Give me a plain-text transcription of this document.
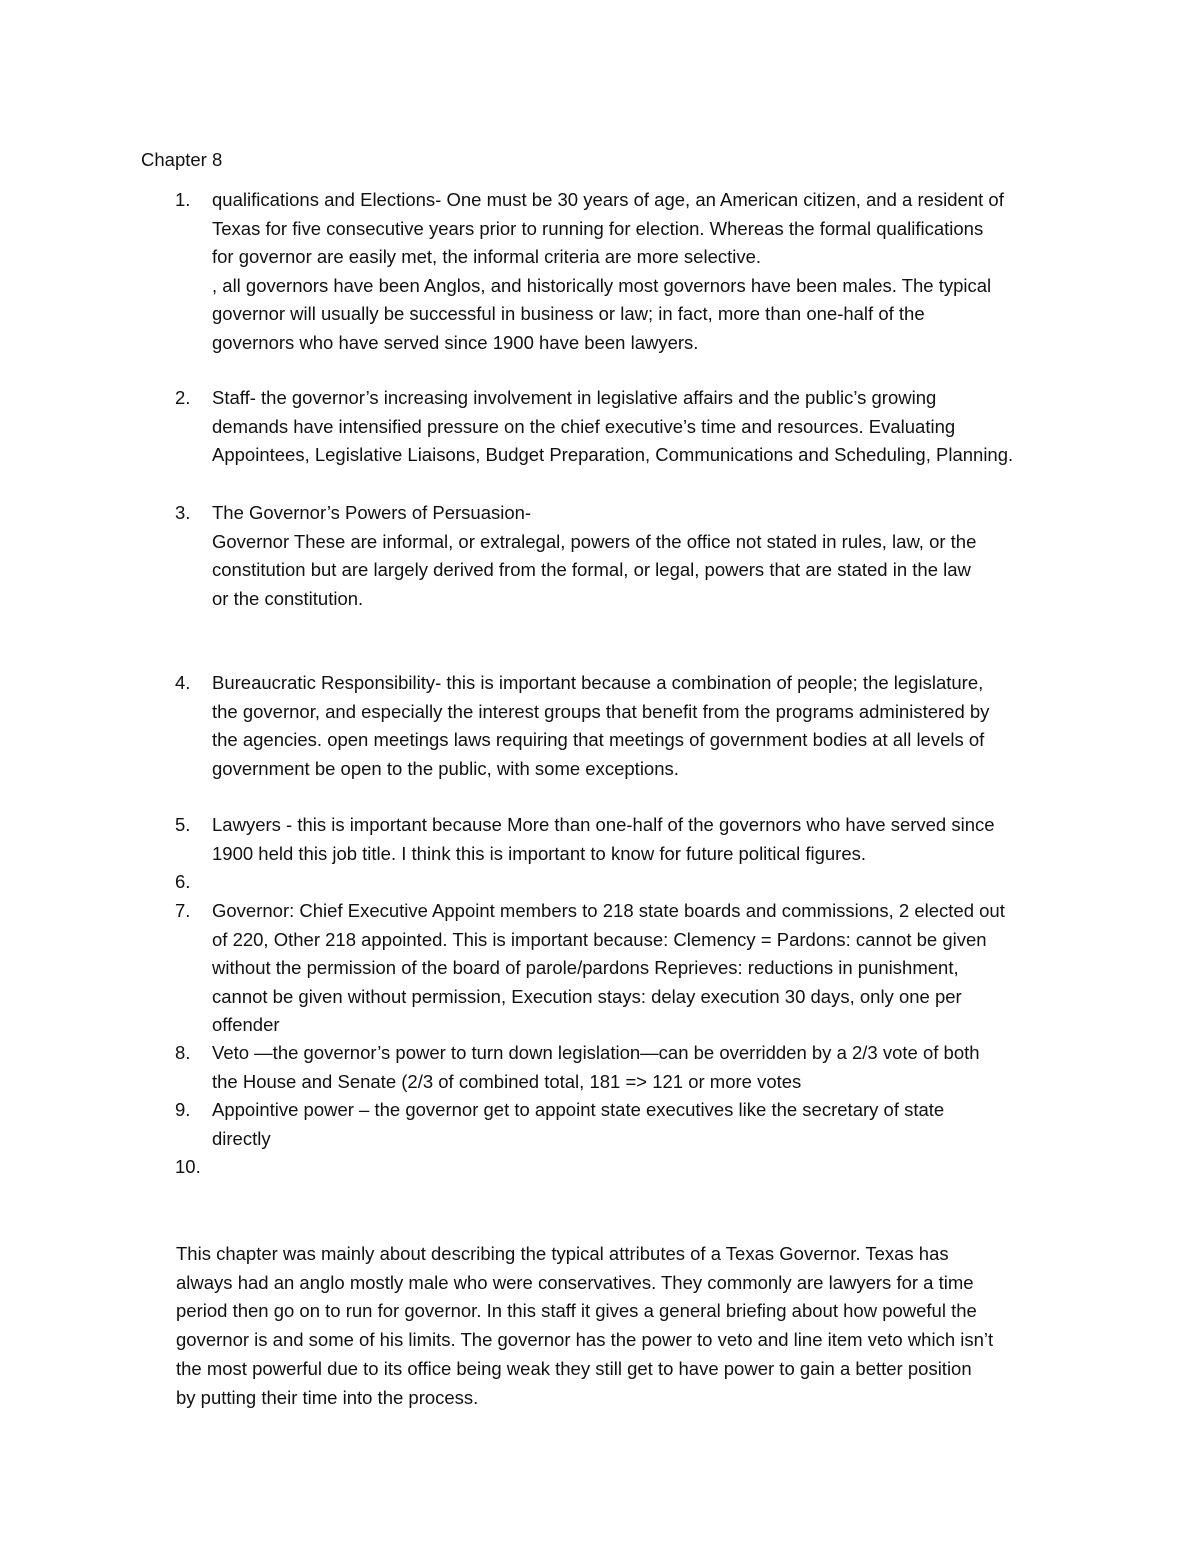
Chapter 8
1.	qualifications and Elections- One must be 30 years of age, an American citizen, and a resident of
Texas for five consecutive years prior to running for election. Whereas the formal qualifications
for governor are easily met, the informal criteria are more selective.
, all governors have been Anglos, and historically most governors have been males. The typical
governor will usually be successful in business or law; in fact, more than one-half of the
governors who have served since 1900 have been lawyers.
2.	Staff- the governor’s increasing involvement in legislative affairs and the public’s growing
demands have intensified pressure on the chief executive’s time and resources. Evaluating
Appointees, Legislative Liaisons, Budget Preparation, Communications and Scheduling, Planning.
3.	The Governor’s Powers of Persuasion-
Governor These are informal, or extralegal, powers of the office not stated in rules, law, or the
constitution but are largely derived from the formal, or legal, powers that are stated in the law
or the constitution.
4.	Bureaucratic Responsibility- this is important because a combination of people; the legislature,
the governor, and especially the interest groups that benefit from the programs administered by
the agencies. open meetings laws requiring that meetings of government bodies at all levels of
government be open to the public, with some exceptions.
5.	Lawyers - this is important because More than one-half of the governors who have served since
1900 held this job title. I think this is important to know for future political figures.
6.
7.	Governor: Chief Executive Appoint members to 218 state boards and commissions, 2 elected out
of 220, Other 218 appointed. This is important because: Clemency = Pardons: cannot be given
without the permission of the board of parole/pardons Reprieves: reductions in punishment,
cannot be given without permission, Execution stays: delay execution 30 days, only one per
offender
8.	Veto —the governor’s power to turn down legislation—can be overridden by a 2/3 vote of both
the House and Senate (2/3 of combined total, 181 => 121 or more votes
9.	Appointive power – the governor get to appoint state executives like the secretary of state
directly
10.
This chapter was mainly about describing the typical attributes of a Texas Governor. Texas has
always had an anglo mostly male who were conservatives. They commonly are lawyers for a time
period then go on to run for governor. In this staff it gives a general briefing about how poweful the
governor is and some of his limits. The governor has the power to veto and line item veto which isn’t
the most powerful due to its office being weak they still get to have power to gain a better position
by putting their time into the process.
